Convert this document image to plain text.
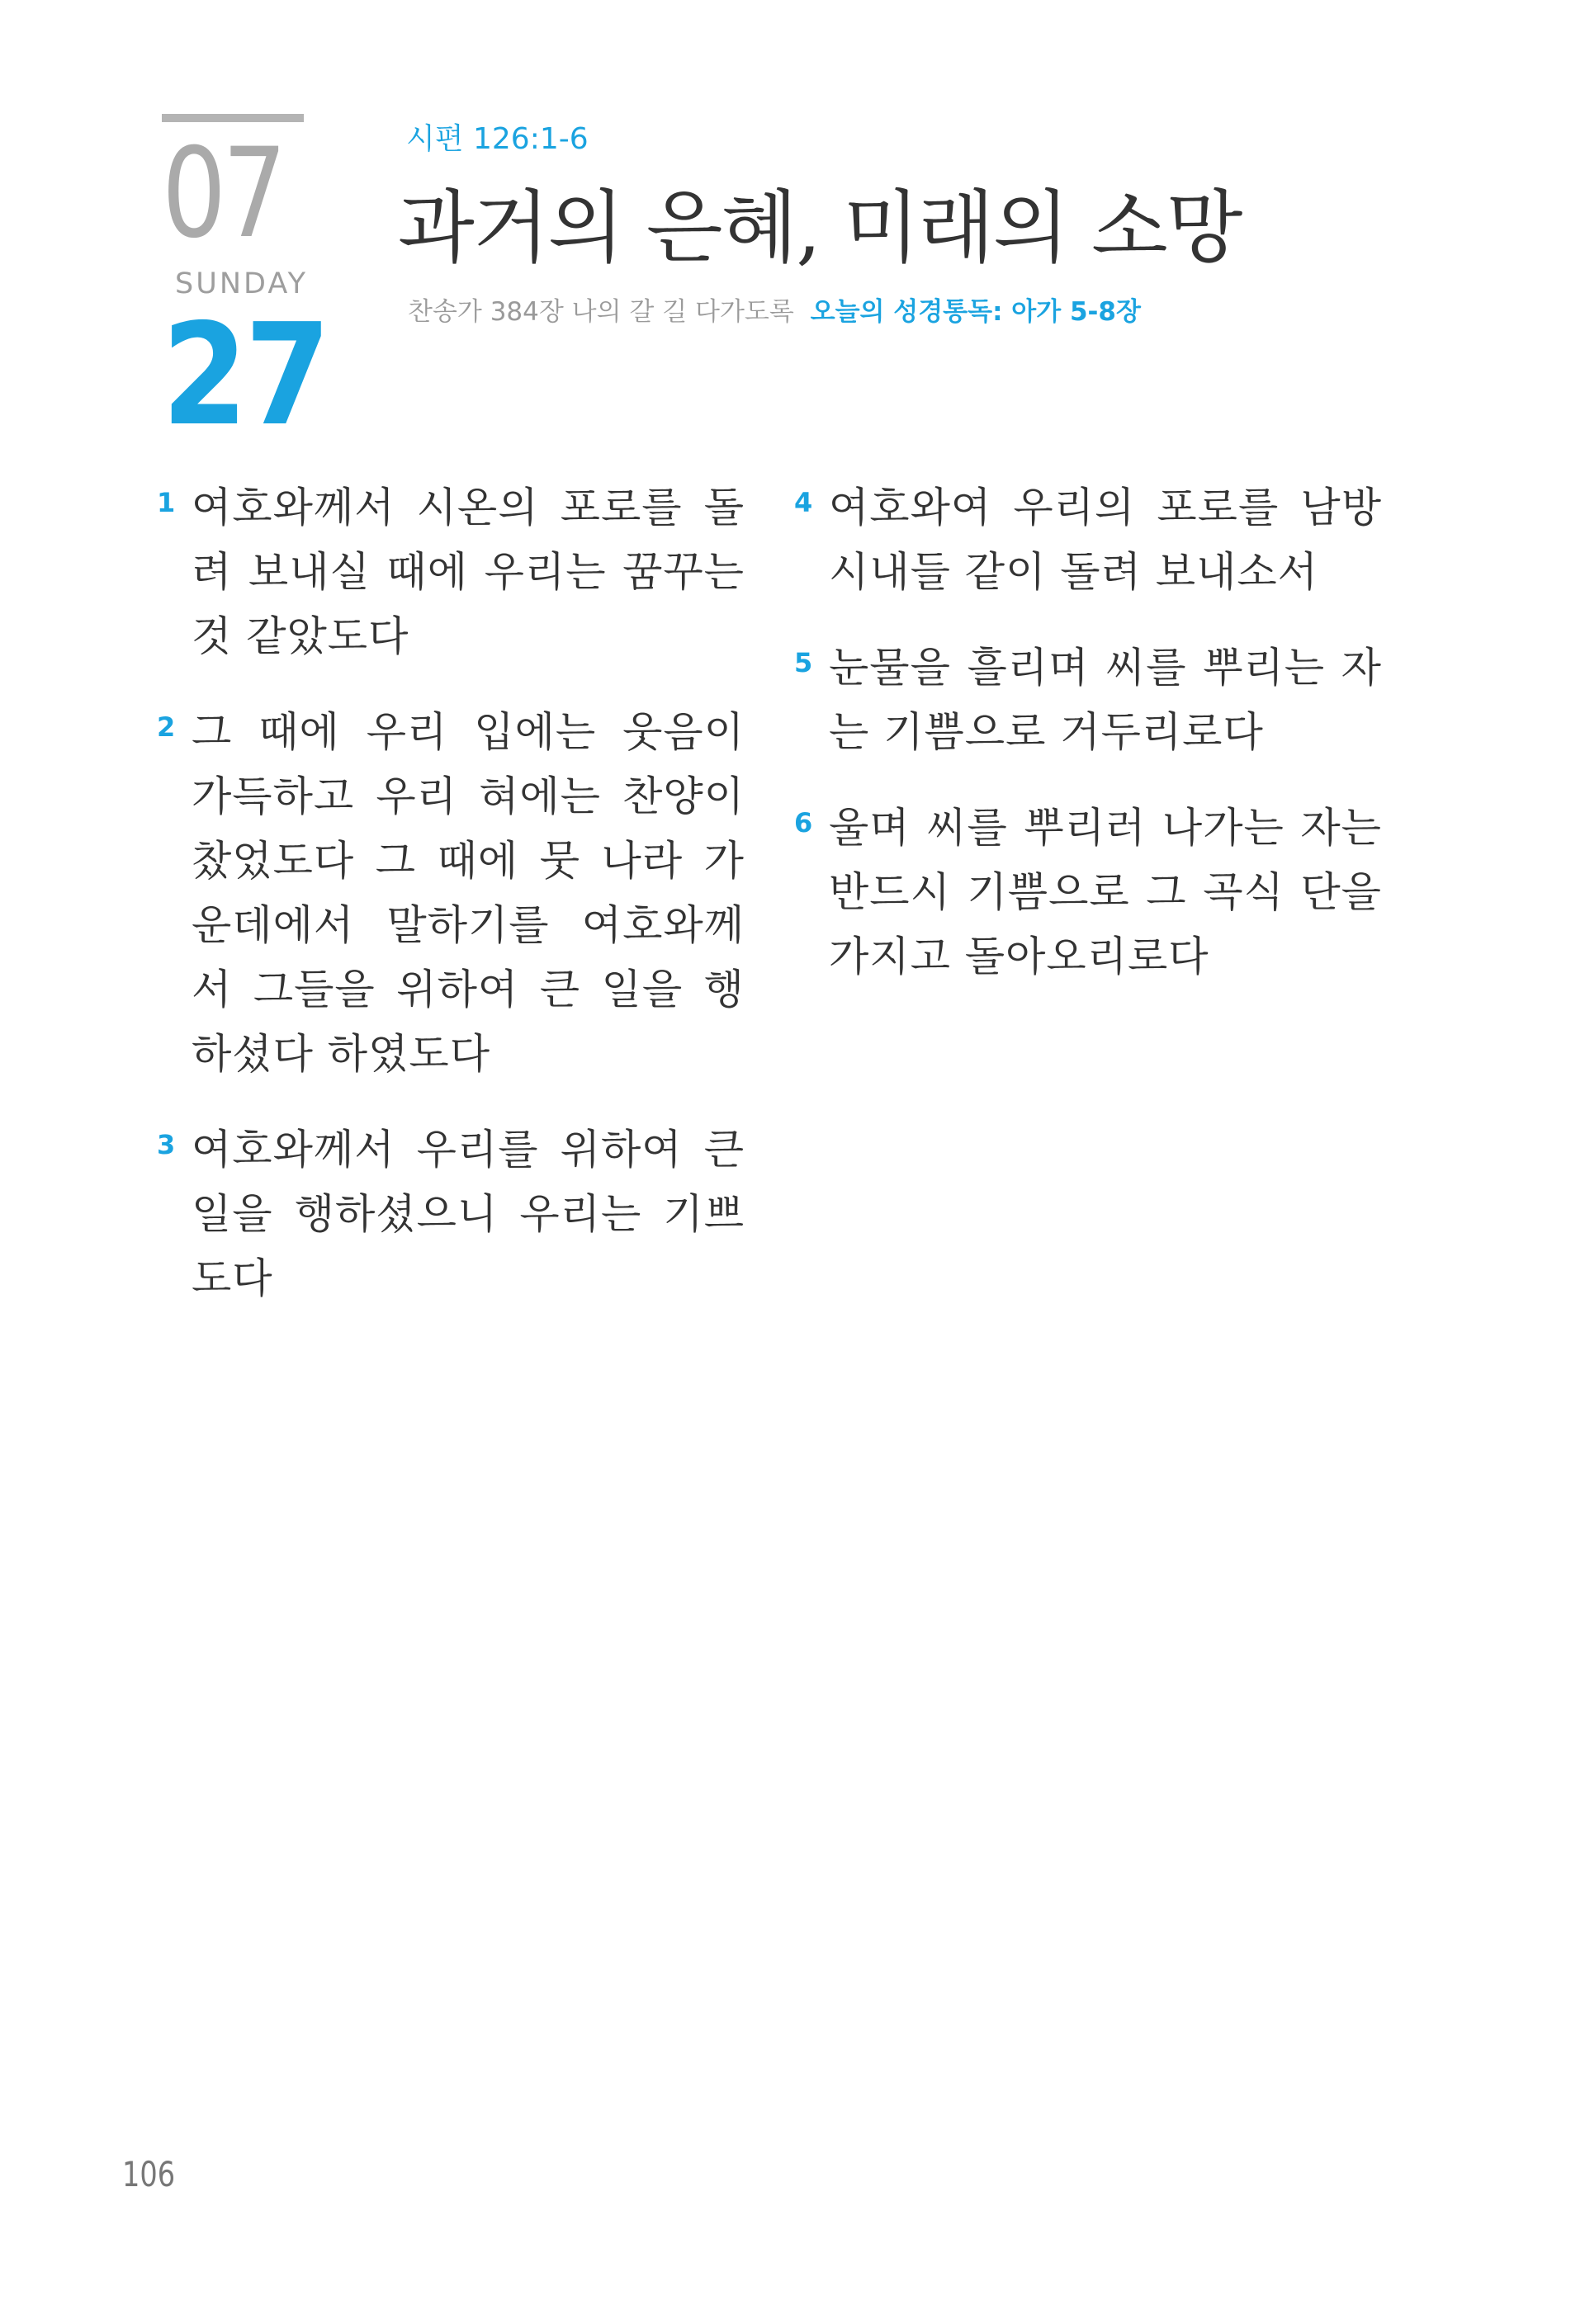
07
SUNDAY
27
시편 126:1-6
과거의 은혜, 미래의 소망
찬송가 384장 나의 갈 길 다가도록 오늘의 성경통독: 아가 5-8장
1 여호와께서 시온의 포로를 돌려 보내실 때에 우리는 꿈꾸는 것 같았도다
2 그 때에 우리 입에는 웃음이 가득하고 우리 혀에는 찬양이 찼었도다 그 때에 뭇 나라 가운데에서 말하기를 여호와께서 그들을 위하여 큰 일을 행하셨다 하였도다
3 여호와께서 우리를 위하여 큰 일을 행하셨으니 우리는 기쁘도다
4 여호와여 우리의 포로를 남방 시내들 같이 돌려 보내소서
5 눈물을 흘리며 씨를 뿌리는 자는 기쁨으로 거두리로다
6 울며 씨를 뿌리러 나가는 자는 반드시 기쁨으로 그 곡식 단을 가지고 돌아오리로다
106
